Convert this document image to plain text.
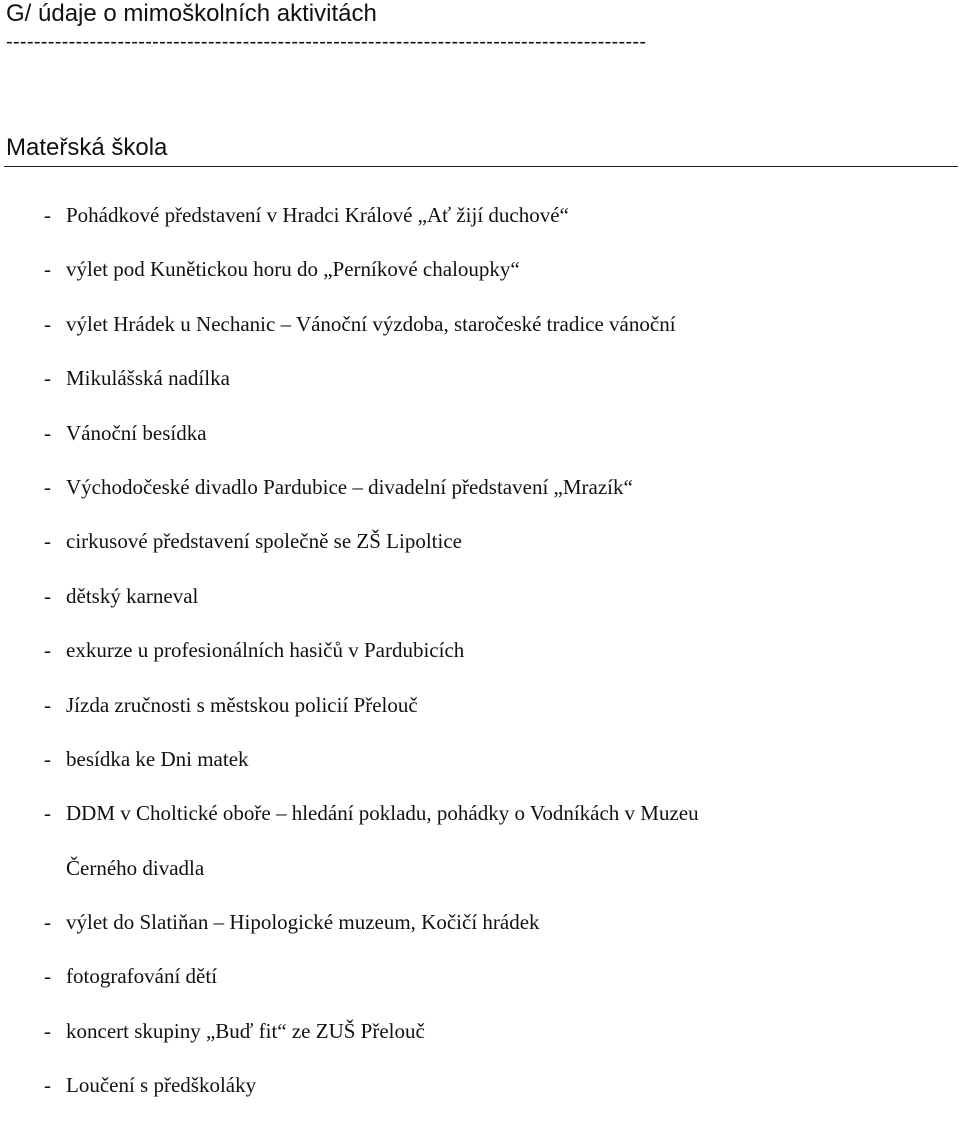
G/ údaje o mimoškolních aktivitách
--------------------------------------------------------------------------------------------
Mateřská škola
- Pohádkové představení v Hradci Králové „Ať žijí duchové“
- výlet pod Kunětickou horu do „Perníkové chaloupky“
- výlet Hrádek u Nechanic – Vánoční výzdoba, staročeské tradice vánoční
- Mikulášská nadílka
- Vánoční besídka
- Východočeské divadlo Pardubice – divadelní představení „Mrazík“
- cirkusové představení společně se ZŠ Lipoltice
- dětský karneval
- exkurze u profesionálních hasičů v Pardubicích
- Jízda zručnosti s městskou policií Přelouč
- besídka ke Dni matek
- DDM v Choltické oboře – hledání pokladu, pohádky o Vodníkách v Muzeu
Černého divadla
- výlet do Slatiňan – Hipologické muzeum, Kočičí hrádek
- fotografování dětí
- koncert skupiny „Buď fit“ ze ZUŠ Přelouč
- Loučení s předškoláky
